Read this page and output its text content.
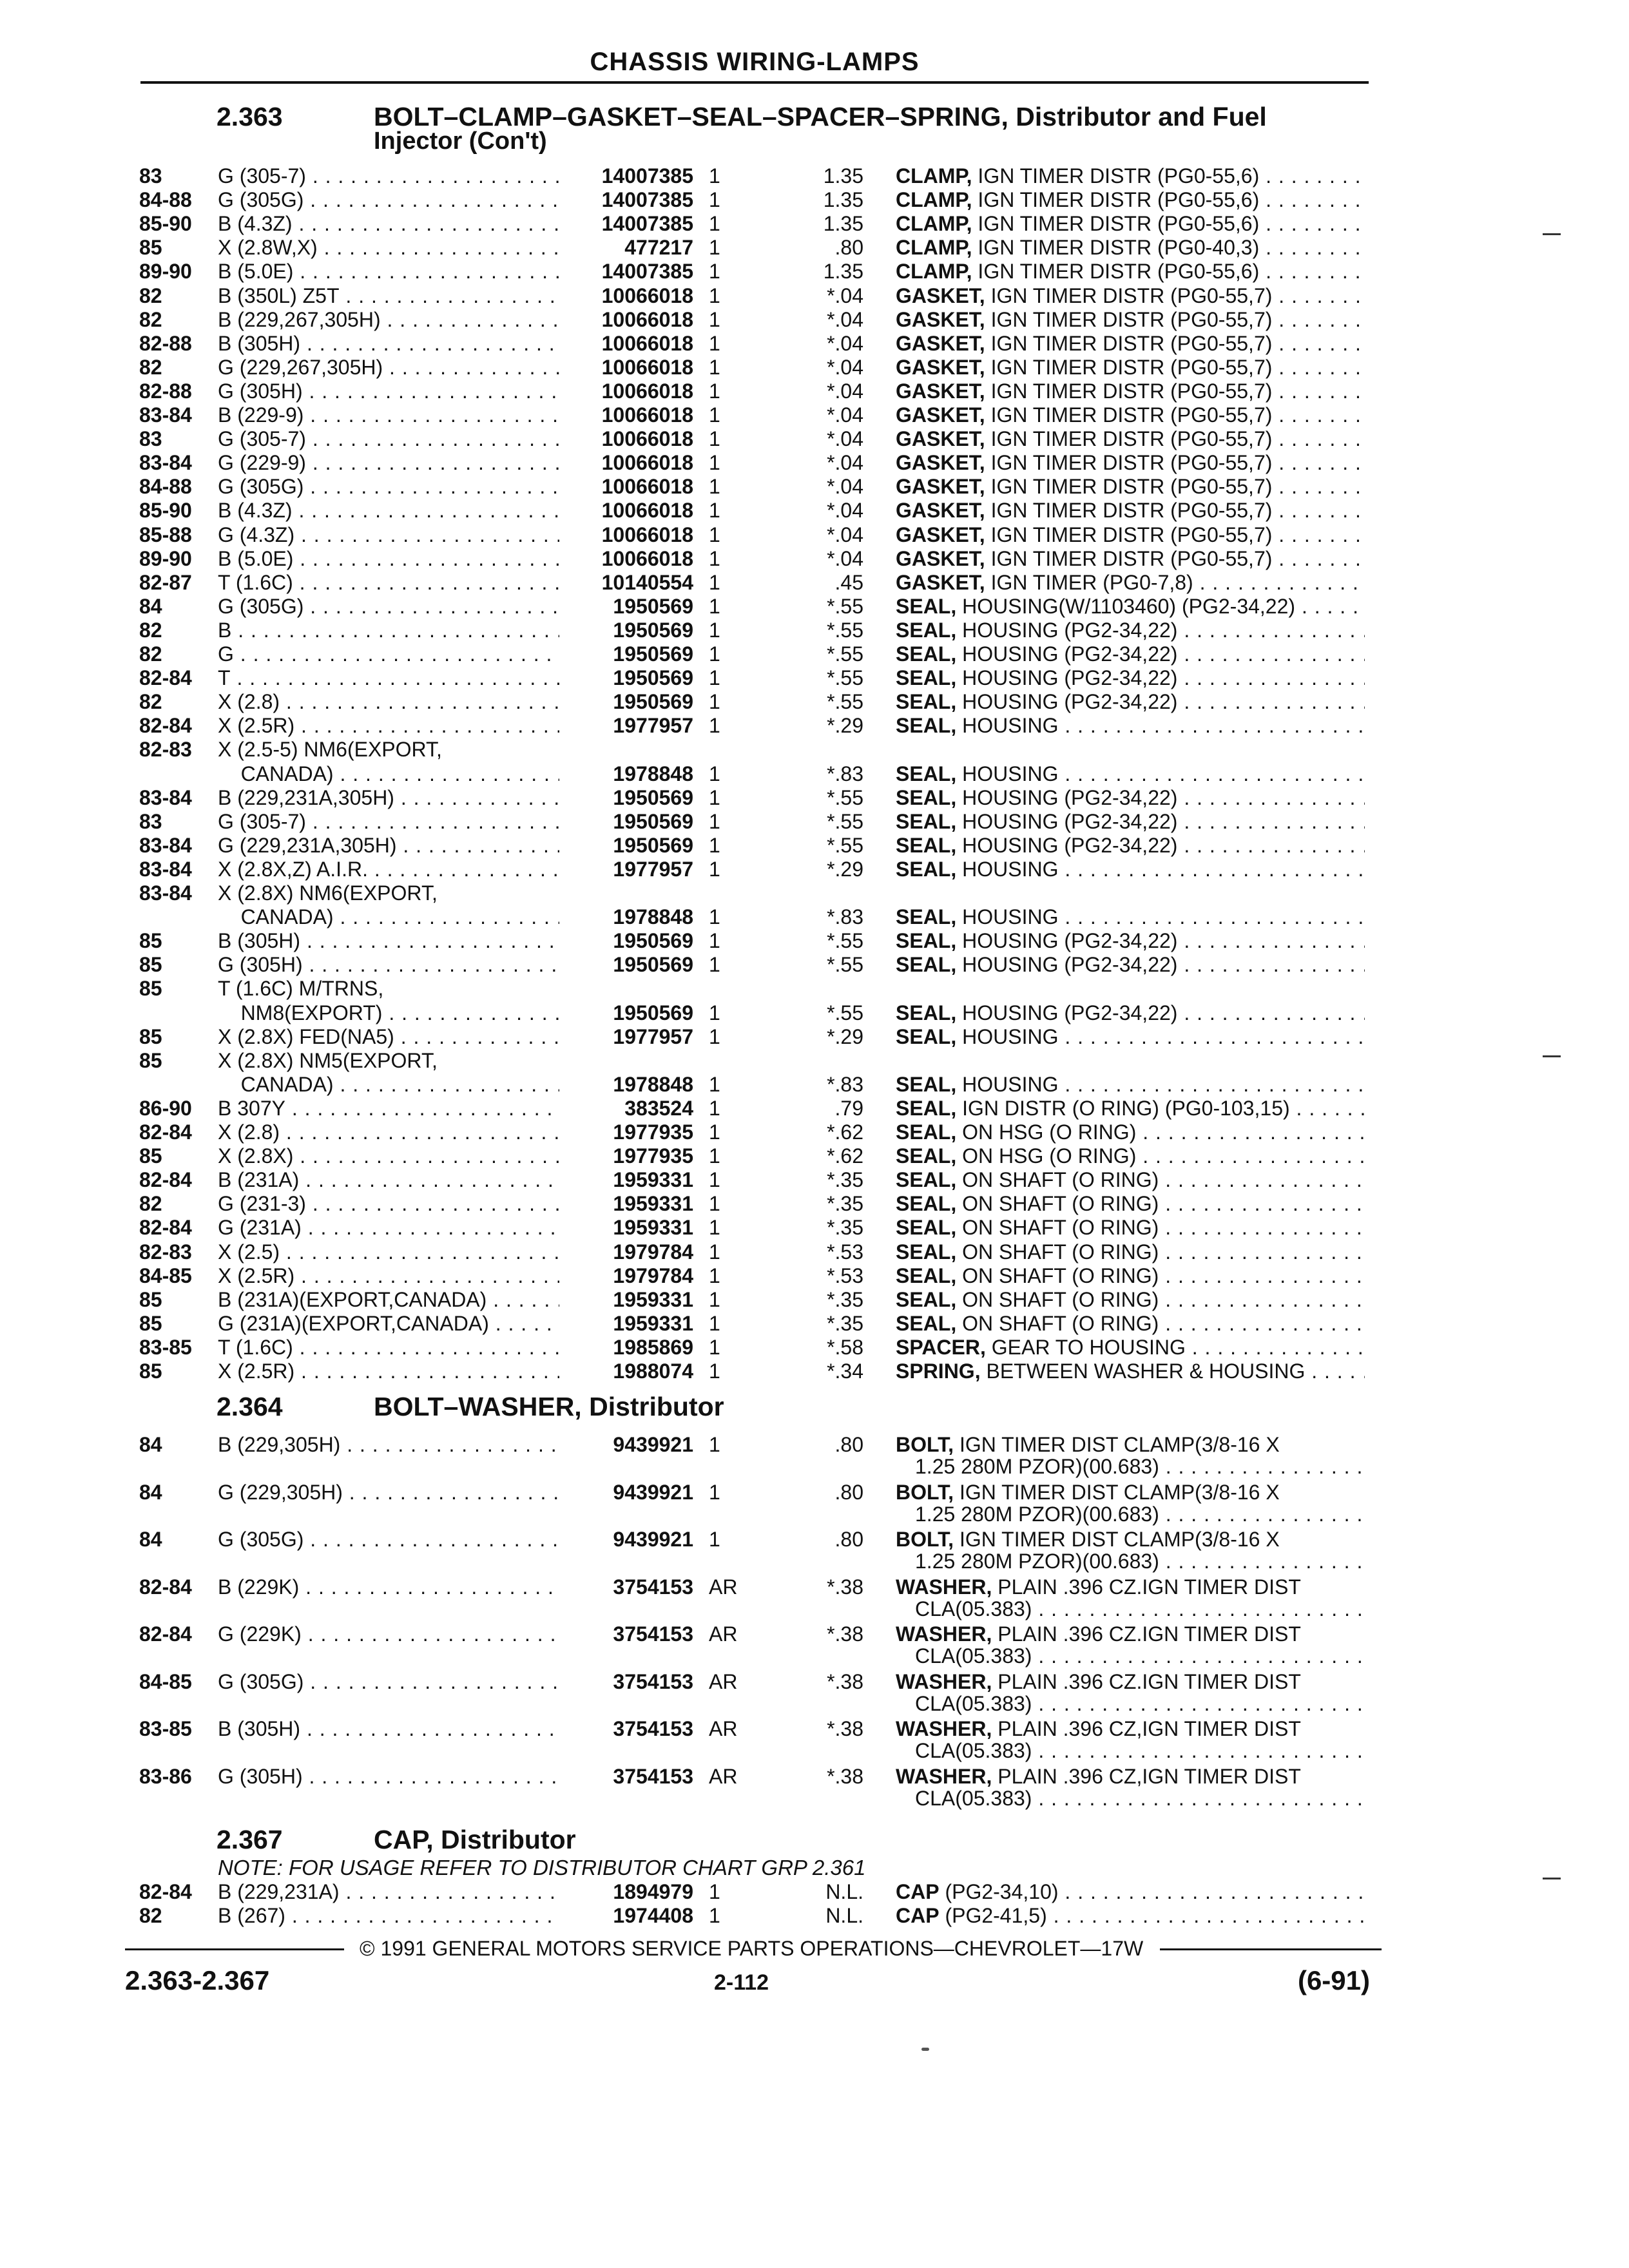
CHASSIS WIRING-LAMPS
2.363	BOLT–CLAMP–GASKET–SEAL–SPACER–SPRING, Distributor and Fuel
Injector (Con't)
83	G (305-7) . . .	14007385 1	1.35 CLAMP, IGN TIMER DISTR (PG0-55,6) . . .
84-88 G (305G) . . .	14007385 1	1.35 CLAMP, IGN TIMER DISTR (PG0-55,6) . . .
85-90 B (4.3Z) . . .	14007385 1	1.35 CLAMP, IGN TIMER DISTR (PG0-55,6) . . .
85	X (2.8W,X) . . .	477217 1	.80 CLAMP, IGN TIMER DISTR (PG0-40,3) . . .
89-90 B (5.0E) . . .	14007385 1	1.35 CLAMP, IGN TIMER DISTR (PG0-55,6) . . .
82	B (350L) Z5T . . .	10066018 1	*.04 GASKET, IGN TIMER DISTR (PG0-55,7) . . .
82	B (229,267,305H) . . .	10066018 1	*.04 GASKET, IGN TIMER DISTR (PG0-55,7) . . .
82-88 B (305H) . . .	10066018 1	*.04 GASKET, IGN TIMER DISTR (PG0-55,7) . . .
82	G (229,267,305H) . . .	10066018 1	*.04 GASKET, IGN TIMER DISTR (PG0-55,7) . . .
82-88 G (305H) . . .	10066018 1	*.04 GASKET, IGN TIMER DISTR (PG0-55,7) . . .
83-84 B (229-9) . . .	10066018 1	*.04 GASKET, IGN TIMER DISTR (PG0-55,7) . . .
83	G (305-7) . . .	10066018 1	*.04 GASKET, IGN TIMER DISTR (PG0-55,7) . . .
83-84 G (229-9) . . .	10066018 1	*.04 GASKET, IGN TIMER DISTR (PG0-55,7) . . .
84-88 G (305G) . . .	10066018 1	*.04 GASKET, IGN TIMER DISTR (PG0-55,7) . . .
85-90 B (4.3Z) . . .	10066018 1	*.04 GASKET, IGN TIMER DISTR (PG0-55,7) . . .
85-88 G (4.3Z) . . .	10066018 1	*.04 GASKET, IGN TIMER DISTR (PG0-55,7) . . .
89-90 B (5.0E) . . .	10066018 1	*.04 GASKET, IGN TIMER DISTR (PG0-55,7) . . .
82-87 T (1.6C) . . .	10140554 1	.45 GASKET, IGN TIMER (PG0-7,8) . . .
84	G (305G) . . .	1950569 1	*.55 SEAL, HOUSING(W/1103460) (PG2-34,22) . . .
82	B . . .	1950569 1	*.55 SEAL, HOUSING (PG2-34,22) . . .
82	G . . .	1950569 1	*.55 SEAL, HOUSING (PG2-34,22) . . .
82-84 T . . .	1950569 1	*.55 SEAL, HOUSING (PG2-34,22) . . .
82	X (2.8) . . .	1950569 1	*.55 SEAL, HOUSING (PG2-34,22) . . .
82-84 X (2.5R) . . .	1977957 1	*.29 SEAL, HOUSING . . .
82-83 X (2.5-5) NM6(EXPORT,
CANADA) . . .	1978848 1	*.83 SEAL, HOUSING . . .
83-84 B (229,231A,305H) . . .	1950569 1	*.55 SEAL, HOUSING (PG2-34,22) . . .
83	G (305-7) . . .	1950569 1	*.55 SEAL, HOUSING (PG2-34,22) . . .
83-84 G (229,231A,305H) . . .	1950569 1	*.55 SEAL, HOUSING (PG2-34,22) . . .
83-84 X (2.8X,Z) A.I.R. . . .	1977957 1	*.29 SEAL, HOUSING . . .
83-84 X (2.8X) NM6(EXPORT,
CANADA) . . .	1978848 1	*.83 SEAL, HOUSING . . .
85	B (305H) . . .	1950569 1	*.55 SEAL, HOUSING (PG2-34,22) . . .
85	G (305H) . . .	1950569 1	*.55 SEAL, HOUSING (PG2-34,22) . . .
85	T (1.6C) M/TRNS,
NM8(EXPORT) . . .	1950569 1	*.55 SEAL, HOUSING (PG2-34,22) . . .
85	X (2.8X) FED(NA5) . . .	1977957 1	*.29 SEAL, HOUSING . . .
85	X (2.8X) NM5(EXPORT,
CANADA) . . .	1978848 1	*.83 SEAL, HOUSING . . .
86-90 B 307Y . . .	383524 1	.79 SEAL, IGN DISTR (O RING) (PG0-103,15) . . .
82-84 X (2.8) . . .	1977935 1	*.62 SEAL, ON HSG (O RING) . . .
85	X (2.8X) . . .	1977935 1	*.62 SEAL, ON HSG (O RING) . . .
82-84 B (231A) . . .	1959331 1	*.35 SEAL, ON SHAFT (O RING) . . .
82	G (231-3) . . .	1959331 1	*.35 SEAL, ON SHAFT (O RING) . . .
82-84 G (231A) . . .	1959331 1	*.35 SEAL, ON SHAFT (O RING) . . .
82-83 X (2.5) . . .	1979784 1	*.53 SEAL, ON SHAFT (O RING) . . .
84-85 X (2.5R) . . .	1979784 1	*.53 SEAL, ON SHAFT (O RING) . . .
85	B (231A)(EXPORT,CANADA) . . .	1959331 1	*.35 SEAL, ON SHAFT (O RING) . . .
85	G (231A)(EXPORT,CANADA) . . .	1959331 1	*.35 SEAL, ON SHAFT (O RING) . . .
83-85 T (1.6C) . . .	1985869 1	*.58 SPACER, GEAR TO HOUSING . . .
85	X (2.5R) . . .	1988074 1	*.34 SPRING, BETWEEN WASHER & HOUSING . . .
2.364	BOLT–WASHER, Distributor
84	B (229,305H) . . .	9439921 1	.80 BOLT, IGN TIMER DIST CLAMP(3/8-16 X
1.25 280M PZOR)(00.683) . . .
84	G (229,305H) . . .	9439921 1	.80 BOLT, IGN TIMER DIST CLAMP(3/8-16 X
1.25 280M PZOR)(00.683) . . .
84	G (305G) . . .	9439921 1	.80 BOLT, IGN TIMER DIST CLAMP(3/8-16 X
1.25 280M PZOR)(00.683) . . .
82-84 B (229K) . . .	3754153 AR	*.38 WASHER, PLAIN .396 CZ.IGN TIMER DIST
CLA(05.383) . . .
82-84 G (229K) . . .	3754153 AR	*.38 WASHER, PLAIN .396 CZ.IGN TIMER DIST
CLA(05.383) . . .
84-85 G (305G) . . .	3754153 AR	*.38 WASHER, PLAIN .396 CZ.IGN TIMER DIST
CLA(05.383) . . .
83-85 B (305H) . . .	3754153 AR	*.38 WASHER, PLAIN .396 CZ,IGN TIMER DIST
CLA(05.383) . . .
83-86 G (305H) . . .	3754153 AR	*.38 WASHER, PLAIN .396 CZ,IGN TIMER DIST
CLA(05.383) . . .
2.367	CAP, Distributor
NOTE: FOR USAGE REFER TO DISTRIBUTOR CHART GRP 2.361
82-84 B (229,231A) . . .	1894979 1	N.L. CAP (PG2-34,10) . . .
82	B (267) . . .	1974408 1	N.L. CAP (PG2-41,5) . . .
© 1991 GENERAL MOTORS SERVICE PARTS OPERATIONS—CHEVROLET—17W
2.363-2.367	2-112	(6-91)
